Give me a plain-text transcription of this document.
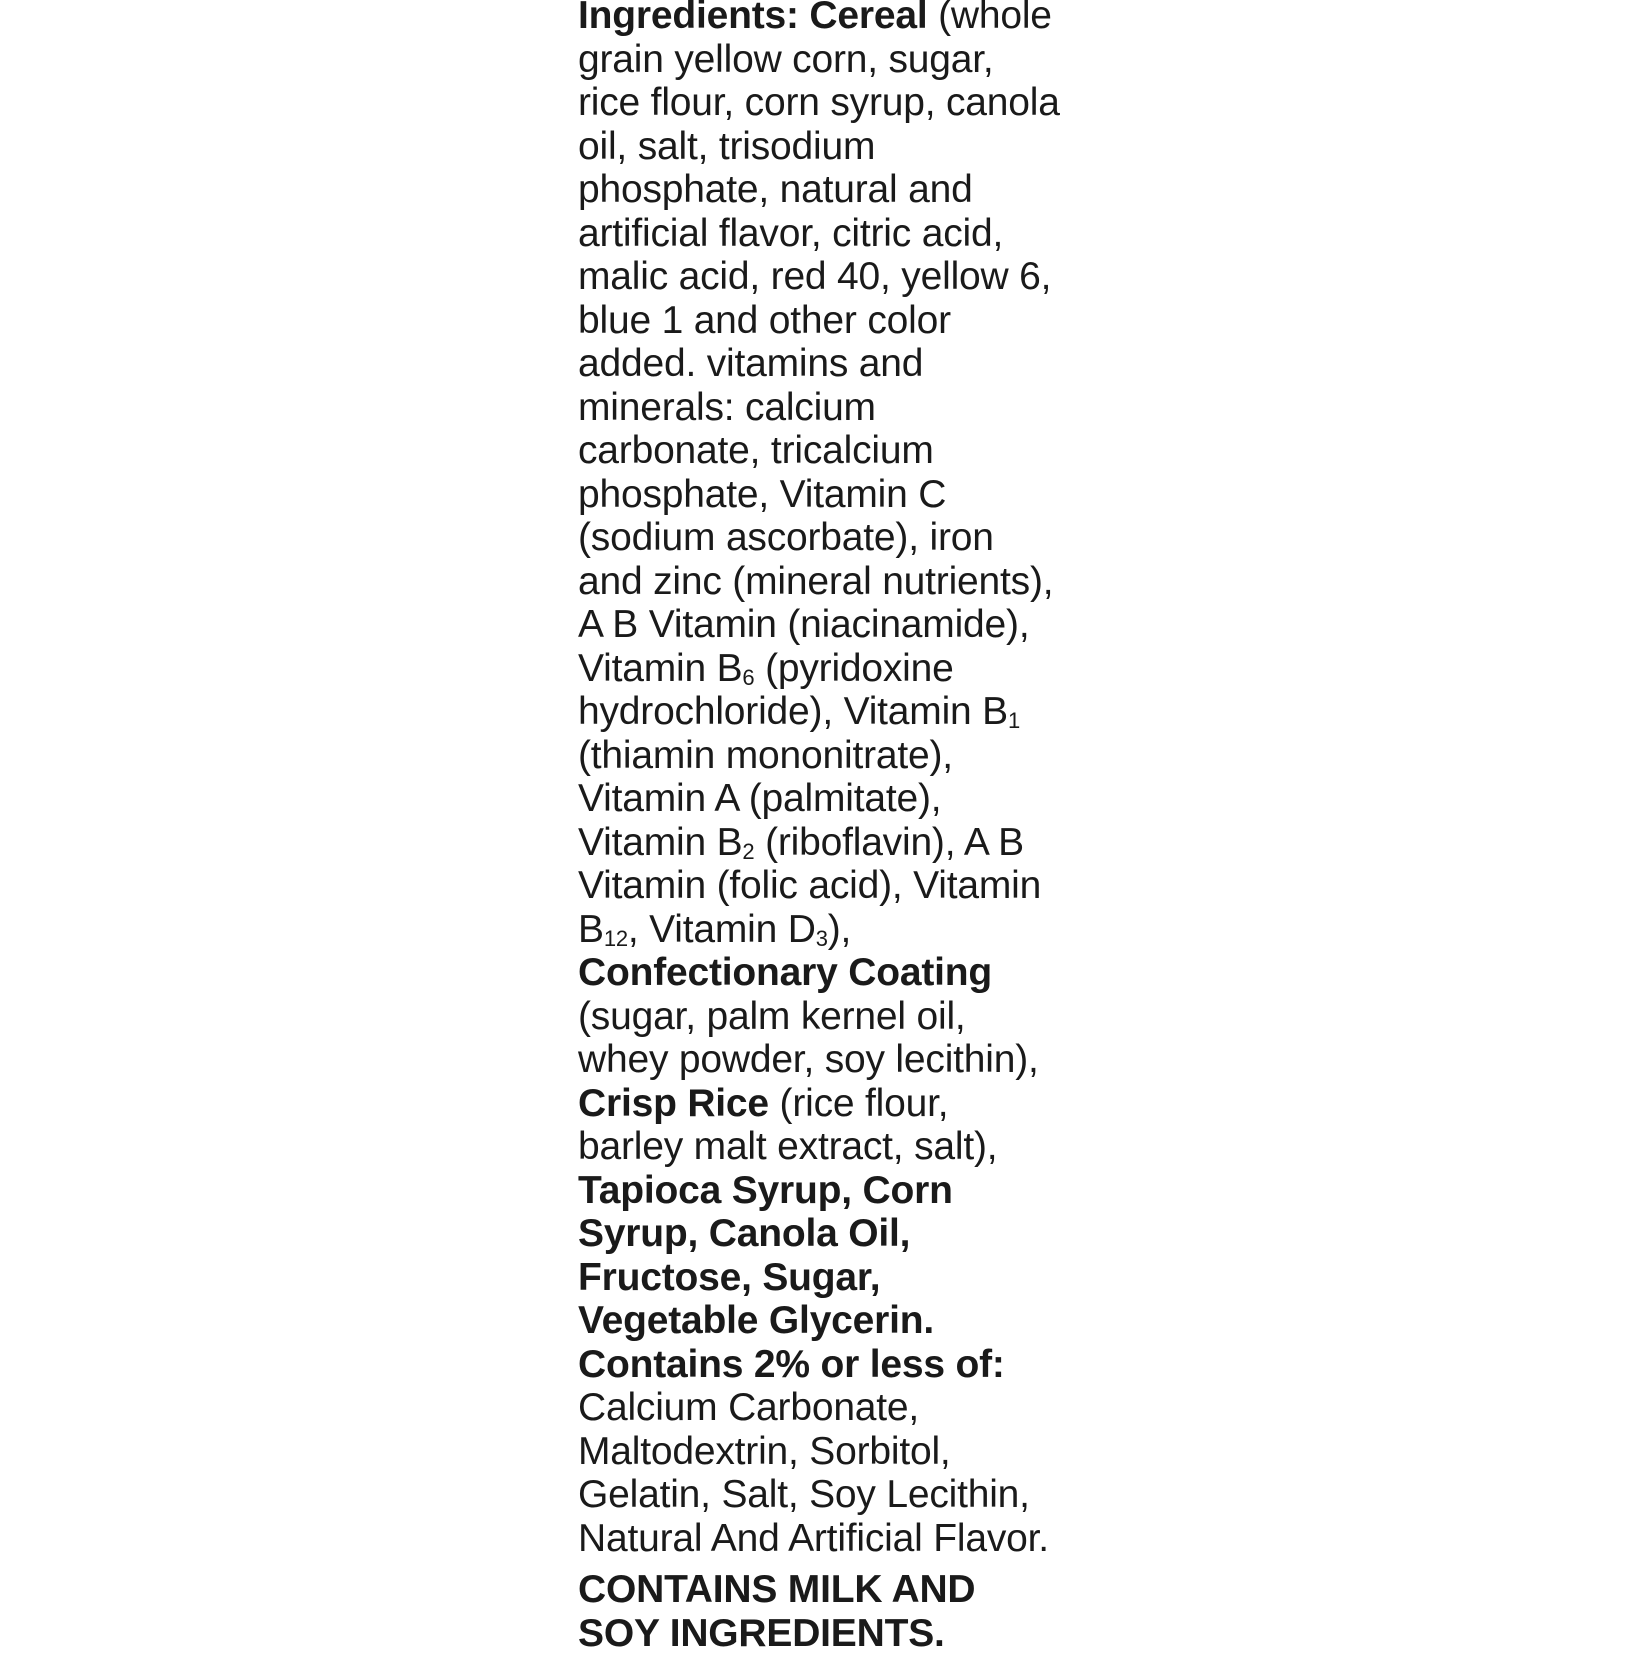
Ingredients: Cereal (whole
grain yellow corn, sugar,
rice flour, corn syrup, canola
oil, salt, trisodium
phosphate, natural and
artificial flavor, citric acid,
malic acid, red 40, yellow 6,
blue 1 and other color
added. vitamins and
minerals: calcium
carbonate, tricalcium
phosphate, Vitamin C
(sodium ascorbate), iron
and zinc (mineral nutrients),
A B Vitamin (niacinamide),
Vitamin $B_6$ (pyridoxine
hydrochloride), Vitamin $B_1$
(thiamin mononitrate),
Vitamin A (palmitate),
Vitamin $B_2$ (riboflavin), A B
Vitamin (folic acid), Vitamin
$B_{12}$, Vitamin $D_3$),
Confectionary Coating
(sugar, palm kernel oil,
whey powder, soy lecithin),
Crisp Rice (rice flour,
barley malt extract, salt),
Tapioca Syrup, Corn
Syrup, Canola Oil,
Fructose, Sugar,
Vegetable Glycerin.
Contains 2% or less of:
Calcium Carbonate,
Maltodextrin, Sorbitol,
Gelatin, Salt, Soy Lecithin,
Natural And Artificial Flavor.
CONTAINS MILK AND
SOY INGREDIENTS.
